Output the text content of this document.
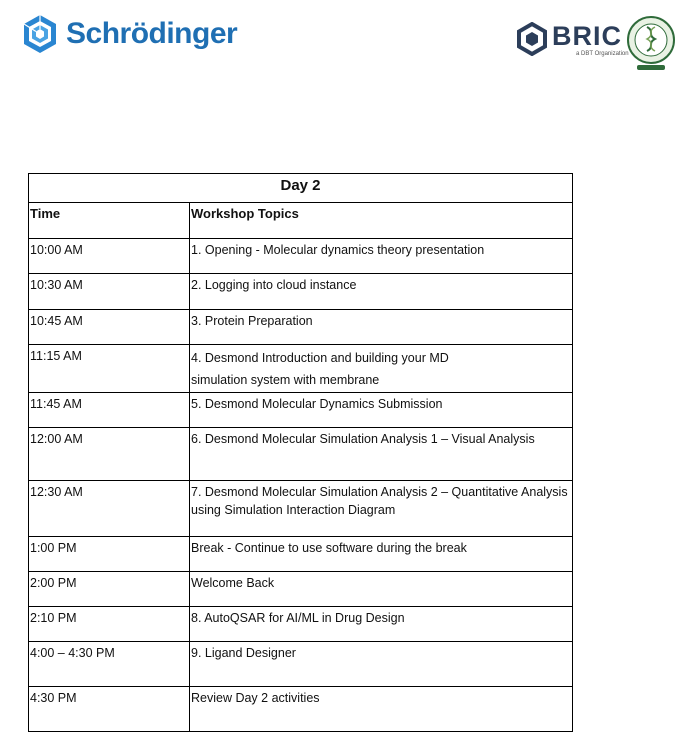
Schrödinger	BRIC
a DBT Organization
Day 2	
Time	Workshop Topics
10:00 AM	1. Opening - Molecular dynamics theory presentation
10:30 AM	2. Logging into cloud instance
10:45 AM	3. Protein Preparation
11:15 AM	4. Desmond Introduction and building your MD
simulation system with membrane
11:45 AM	5. Desmond Molecular Dynamics Submission
12:00 AM	6. Desmond Molecular Simulation Analysis 1 – Visual Analysis
12:30 AM	7. Desmond Molecular Simulation Analysis 2 – Quantitative Analysis using Simulation Interaction Diagram
1:00 PM	Break - Continue to use software during the break
2:00 PM	Welcome Back
2:10 PM	8. AutoQSAR for AI/ML in Drug Design
4:00 – 4:30 PM	9. Ligand Designer
4:30 PM	Review Day 2 activities
